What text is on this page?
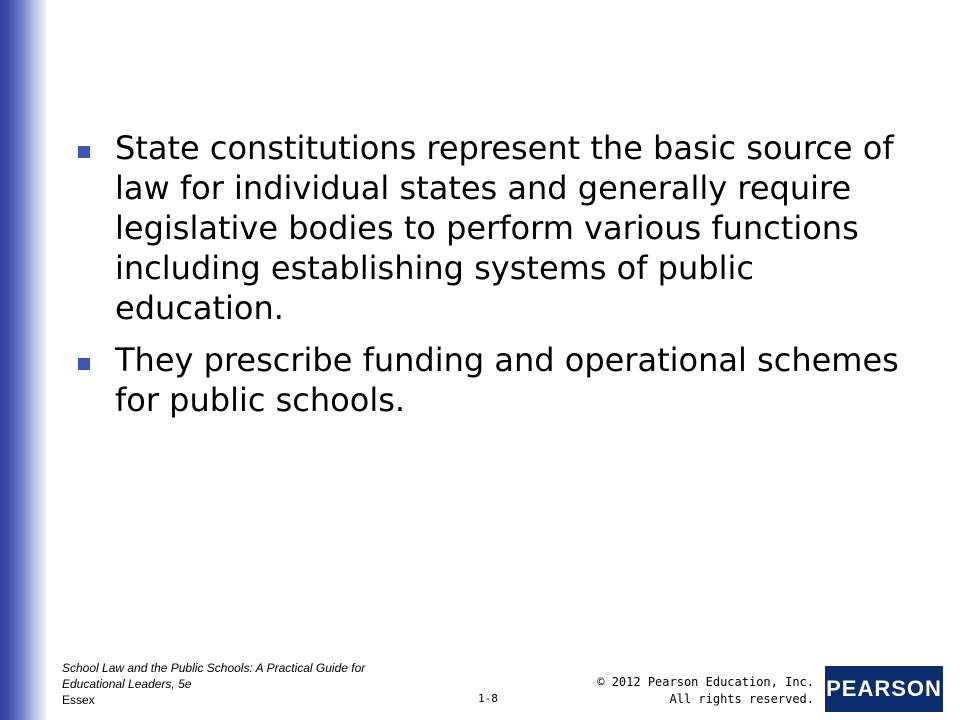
State constitutions represent the basic source of law for individual states and generally require legislative bodies to perform various functions including establishing systems of public education.
They prescribe funding and operational schemes for public schools.
School Law and the Public Schools: A Practical Guide for
Educational Leaders, 5e
Essex	1-8
© 2012 Pearson Education, Inc.
All rights reserved. PEARSON
